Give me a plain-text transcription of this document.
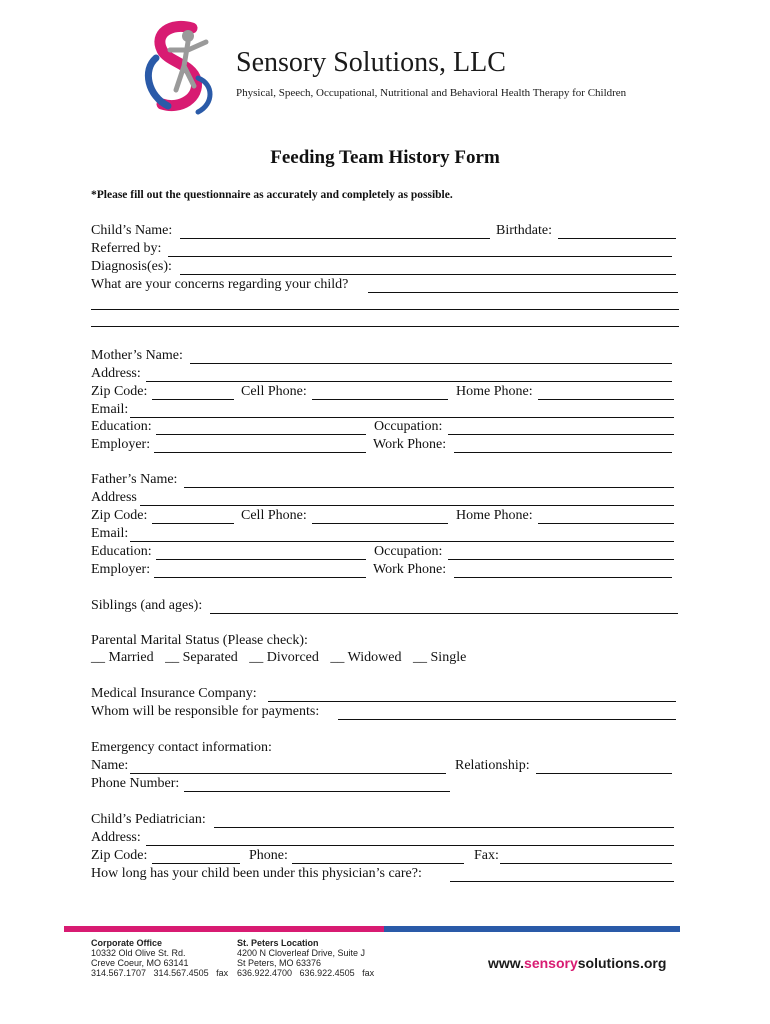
Sensory Solutions, LLC
Physical, Speech, Occupational, Nutritional and Behavioral Health Therapy for Children
Feeding Team History Form
*Please fill out the questionnaire as accurately and completely as possible.
Child’s Name:	Birthdate:
Referred by:
Diagnosis(es):
What are your concerns regarding your child?
Mother’s Name:
Address:
Zip Code:	Cell Phone:	Home Phone:
Email:
Education:	Occupation:
Employer:	Work Phone:
Father’s Name:
Address
Zip Code:	Cell Phone:	Home Phone:
Email:
Education:	Occupation:
Employer:	Work Phone:
Siblings (and ages):
Parental Marital Status (Please check):
__ Married __ Separated __ Divorced __ Widowed __ Single
Medical Insurance Company:
Whom will be responsible for payments:
Emergency contact information:
Name:	Relationship:
Phone Number:
Child’s Pediatrician:
Address:
Zip Code:	Phone:	Fax:
How long has your child been under this physician’s care?:
Corporate Office
10332 Old Olive St. Rd.
Creve Coeur, MO 63141
314.567.1707   314.567.4505   fax
St. Peters Location
4200 N Cloverleaf Drive, Suite J
St Peters, MO 63376
636.922.4700   636.922.4505   fax
www.sensorysolutions.org
